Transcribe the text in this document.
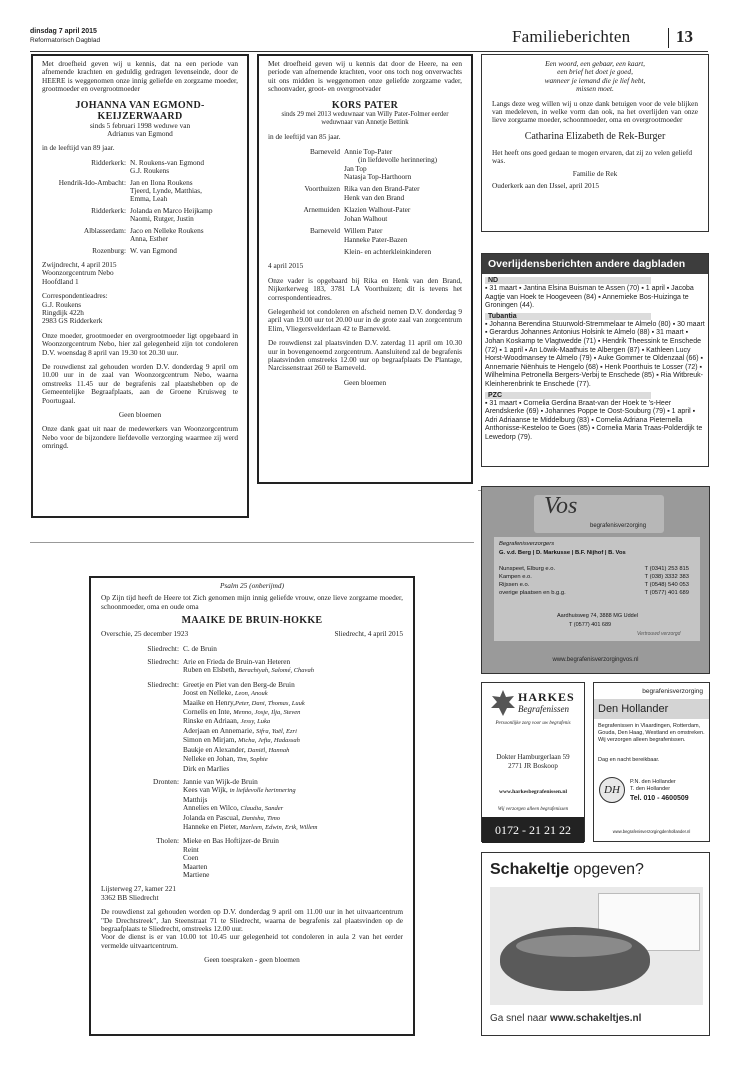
dinsdag 7 april 2015
Reformatorisch Dagblad	Familieberichten	13

Met droefheid geven wij u kennis, dat na een periode van afnemende krachten en geduldig gedragen levenseinde, door de HEERE is weggenomen onze innig geliefde en zorgzame moeder, grootmoeder en overgrootmoeder

JOHANNA VAN EGMOND-
KEIJZERWAARD
sinds 5 februari 1998 weduwe van
Adrianus van Egmond

in de leeftijd van 89 jaar.

Ridderkerk: N. Roukens-van Egmond
G.J. Roukens
Hendrik-Ido-Ambacht: Jan en Ilona Roukens
Tjeerd, Lynde, Matthias,
Emma, Leah
Ridderkerk: Jolanda en Marco Heijkamp
Naomi, Rutger, Justin
Alblasserdam: Jaco en Nelleke Roukens
Anna, Esther
Rozenburg: W. van Egmond
Zwijndrecht, 4 april 2015
Woonzorgcentrum Nebo
Hoofdland 1
Correspondentieadres:
G.J. Roukens
Ringdijk 422h
2983 GS Ridderkerk

Onze moeder, grootmoeder en overgrootmoeder ligt opgebaard in Woonzorgcentrum Nebo, hier zal gelegenheid zijn tot condoleren D.V. woensdag 8 april van 19.30 tot 20.30 uur.

De rouwdienst zal gehouden worden D.V. donderdag 9 april om 10.00 uur in de zaal van Woonzorgcentrum Nebo, waarna omstreeks 11.45 uur de begrafenis zal plaatshebben op de Gemeentelijke Begraafplaats, aan de Groene Kruisweg te Poortugaal.

Geen bloemen

Onze dank gaat uit naar de medewerkers van Woonzorgcentrum Nebo voor de bijzondere liefdevolle verzorging waarmee zij werd omringd.

Met droefheid geven wij u kennis dat door de Heere, na een periode van afnemende krachten, voor ons toch nog onverwachts uit ons midden is weggenomen onze geliefde zorgzame vader, schoonvader, groot- en overgrootvader

KORS PATER
sinds 29 mei 2013 weduwnaar van Willy Pater-Folmer eerder weduwnaar van Annetje Bettink

in de leeftijd van 85 jaar.

Barneveld Annie Top-Pater
(in liefdevolle herinnering)
Jan Top
Natasja Top-Harthoorn
Voorthuizen Rika van den Brand-Pater
Henk van den Brand
Arnemuiden Klazien Walhout-Pater
Johan Walhout
Barneveld Willem Pater
Hanneke Pater-Bazen

Klein- en achterkleinkinderen

4 april 2015

Onze vader is opgebaard bij Rika en Henk van den Brand, Nijkerkerweg 183, 3781 LA Voorthuizen; dit is tevens het correspondentieadres.

Gelegenheid tot condoleren en afscheid nemen D.V. donderdag 9 april van 19.00 uur tot 20.00 uur in de grote zaal van zorgcentrum Elim, Vliegersvelderlaan 42 te Barneveld.

De rouwdienst zal plaatsvinden D.V. zaterdag 11 april om 10.30 uur in bovengenoemd zorgcentrum. Aansluitend zal de begrafenis plaatsvinden omstreeks 12.00 uur op begraafplaats De Plantage, Narcissenstraat 260 te Barneveld.

Geen bloemen

Een woord, een gebaar, een kaart,
een brief het doet je goed,
wanneer je iemand die je lief hebt,
missen moet.

Langs deze weg willen wij u onze dank betuigen voor de vele blijken van medeleven, in welke vorm dan ook, na het overlijden van onze lieve zorgzame moeder, schoonmoeder, oma en overgrootmoeder

Catharina Elizabeth de Rek-Burger

Het heeft ons goed gedaan te mogen ervaren, dat zij zo velen geliefd was.

Familie de Rek

Ouderkerk aan den IJssel, april 2015

Overlijdensberichten andere dagbladen
ND
▪ 31 maart ▪ Jantina Elsina Buisman te Assen (70) ▪ 1 april ▪ Jacoba Aagtje van Hoek te Hoogeveen (84) ▪ Annemieke Bos-Huizinga te Groningen (44).
Tubantia
▪ Johanna Berendina Stuurwold-Stremmelaar te Almelo (80) ▪ 30 maart ▪ Gerardus Johannes Antonius Holsink te Almelo (88) ▪ 31 maart ▪ Johan Koskamp te Vlagtwedde (71) ▪ Hendrik Theessink te Enschede (72) ▪ 1 april ▪ An Löwik-Maathuis te Albergen (87) ▪ Kathleen Lucy Horst-Woodmansey te Almelo (79) ▪ Auke Gommer te Oldenzaal (66) ▪ Annemarie Niënhuis te Hengelo (68) ▪ Henk Poorthuis te Losser (72) ▪ Wilhelmina Petronella Bergers-Verbij te Enschede (85) ▪ Ria Witbreuk-Kleinherenbrink te Enschede (77).
PZC
▪ 31 maart ▪ Cornelia Gerdina Braat-van der Hoek te 's-Heer Arendskerke (69) ▪ Johannes Poppe te Oost-Souburg (79) ▪ 1 april ▪ Adri Adriaanse te Middelburg (83) ▪ Cornelia Adriana Pieternella Anthonisse-Kesteloo te Goes (85) ▪ Cornelia Maria Traas-Polderdijk te Lewedorp (79).
Vos
begrafenisverzorging
Begrafenisverzorgers
G. v.d. Berg | D. Markusse | B.F. Nijhof | B. Vos
Nunspeet, Elburg e.o.	T (0341) 253 815
Kampen e.o.	T (038) 3332 383
Rijssen e.o.	T (0548) 540 053
overige plaatsen en b.g.g.	T (0577) 401 689
Aardhuisweg 74, 3888 MG Uddel
T (0577) 401 689
Vertrouwd verzorgd
www.begrafenisverzorgingvos.nl
HARKES
Begrafenissen
Persoonlijke zorg voor uw begrafenis
Dokter Hamburgerlaan 59
2771 JR Boskoop
www.harkesbegrafenissen.nl
Wij verzorgen alleen begrafenissen
0172 - 21 21 22
begrafenisverzorging
Den Hollander
Begrafenissen in Vlaardingen, Rotterdam, Gouda, Den Haag, Westland en omstreken. Wij verzorgen alleen begrafenissen.
Dag en nacht bereikbaar.
DH
P.N. den Hollander
T. den Hollander
Tel. 010 - 4600509
www.begrafenisverzorgingdenhollander.nl
Schakeltje opgeven?
Ga snel naar www.schakeltjes.nl

Psalm 25 (onberijmd)

Op Zijn tijd heeft de Heere tot Zich genomen mijn innig geliefde vrouw, onze lieve zorgzame moeder, schoonmoeder, oma en oude oma

MAAIKE DE BRUIN-HOKKE
Overschie, 25 december 1923	Sliedrecht, 4 april 2015
Sliedrecht: C. de Bruin
Sliedrecht: Arie en Frieda de Bruin-van Heteren
Ruben en Elsbeth, Berachiyah, Salomé, Chavah
Sliedrecht: Greetje en Piet van den Berg-de Bruin
Joost en Nelleke, Leon, Anouk
Maaike en Henry,Peter, Dani, Thomas, Luuk
Cornelis en Inte, Menno, Josje, Ilja, Steven
Rinske en Adriaan, Jessy, Luka
Aderjaan en Annemarie, Sifra, Yaël, Ezri
Simon en Mirjam, Micha, Jefta, Hadassah
Baukje en Alexander, Daniël, Hannah
Nelleke en Johan, Tim, Sophie
Dirk en Marlies
Dronten: Jannie van Wijk-de Bruin
Kees van Wijk, in liefdevolle herinnering
Matthijs
Annelies en Wilco, Claudia, Sander
Jolanda en Pascual, Danisha, Timo
Hanneke en Pieter, Marleen, Edwin, Erik, Willem
Tholen: Mieke en Bas Hoftijzer-de Bruin
Reint
Coen
Maarten
Martiene
Lijsterweg 27, kamer 221
3362 BB Sliedrecht

De rouwdienst zal gehouden worden op D.V. donderdag 9 april om 11.00 uur in het uitvaartcentrum "De Drechtstreek", Jan Steenstraat 71 te Sliedrecht, waarna de begrafenis zal plaatsvinden op de begraafplaats te Sliedrecht, omstreeks 12.00 uur.

Voor de dienst is er van 10.00 tot 10.45 uur gelegenheid tot condoleren in aula 2 van het eerder vermelde uitvaartcentrum.

Geen toespraken - geen bloemen
